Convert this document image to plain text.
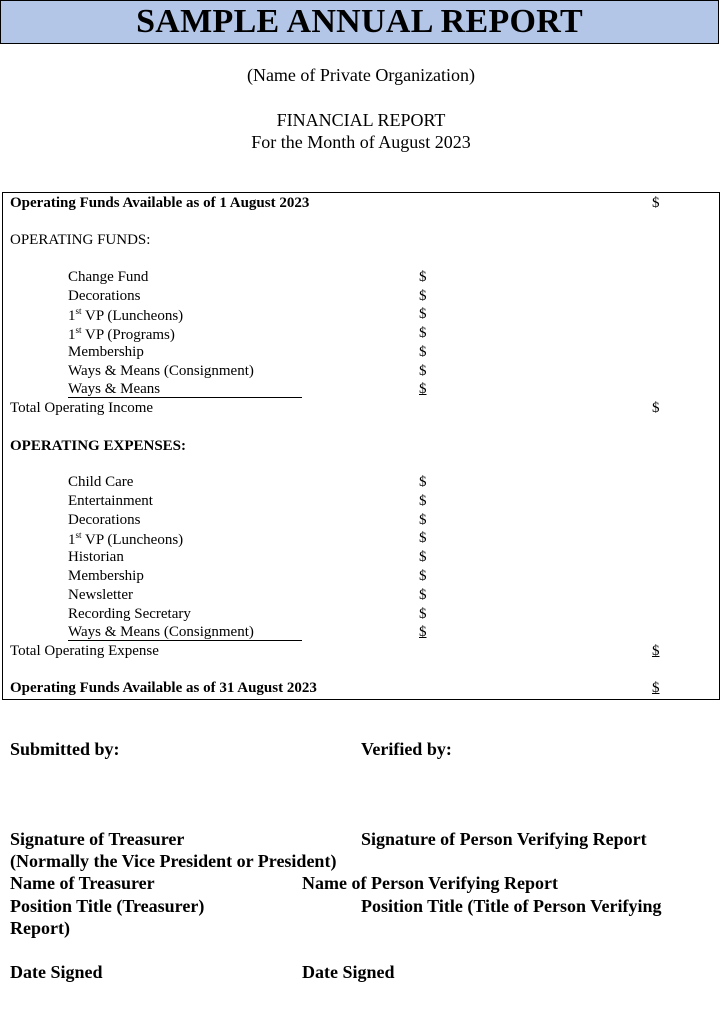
SAMPLE ANNUAL REPORT
(Name of Private Organization)
FINANCIAL REPORT
For the Month of August 2023
Operating Funds Available as of 1 August 2023	$
OPERATING FUNDS:
Change Fund	$
Decorations	$
1st VP (Luncheons)	$
1st VP (Programs)	$
Membership	$
Ways & Means (Consignment)	$
Ways & Means	$
Total Operating Income	$
OPERATING EXPENSES:
Child Care	$
Entertainment	$
Decorations	$
1st VP (Luncheons)	$
Historian	$
Membership	$
Newsletter	$
Recording Secretary	$
Ways & Means (Consignment)	$
Total Operating Expense	$
Operating Funds Available as of 31 August 2023	$
Submitted by:	Verified by:
Signature of Treasurer	Signature of Person Verifying Report
(Normally the Vice President or President)
Name of Treasurer	Name of Person Verifying Report
Position Title (Treasurer)	Position Title (Title of Person Verifying
Report)
Date Signed	Date Signed
